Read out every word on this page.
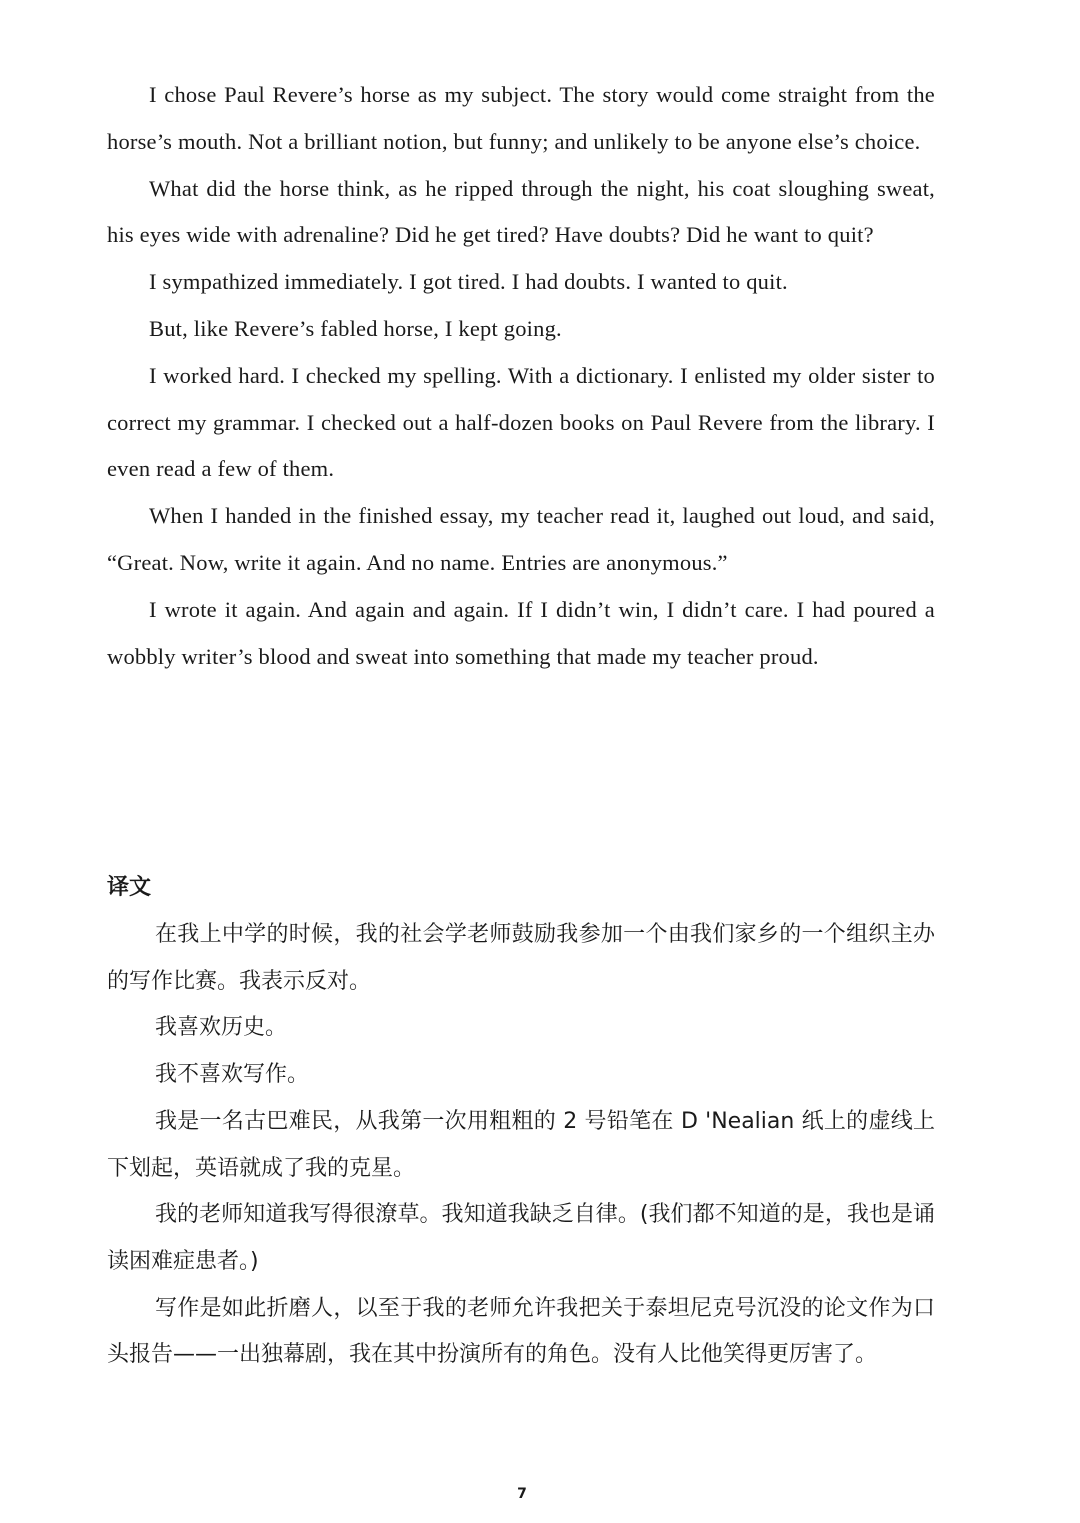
I chose Paul Revere’s horse as my subject. The story would come straight from the horse’s mouth. Not a brilliant notion, but funny; and unlikely to be anyone else’s choice.

What did the horse think, as he ripped through the night, his coat sloughing sweat, his eyes wide with adrenaline? Did he get tired? Have doubts? Did he want to quit?

I sympathized immediately. I got tired. I had doubts. I wanted to quit.

But, like Revere’s fabled horse, I kept going.

I worked hard. I checked my spelling. With a dictionary. I enlisted my older sister to correct my grammar. I checked out a half-dozen books on Paul Revere from the library. I even read a few of them.

When I handed in the finished essay, my teacher read it, laughed out loud, and said, “Great. Now, write it again. And no name. Entries are anonymous.”

I wrote it again. And again and again. If I didn’t win, I didn’t care. I had poured a wobbly writer’s blood and sweat into something that made my teacher proud.

译文

在我上中学的时候，我的社会学老师鼓励我参加一个由我们家乡的一个组织主办的写作比赛。我表示反对。

我喜欢历史。

我不喜欢写作。

我是一名古巴难民，从我第一次用粗粗的 2 号铅笔在 D 'Nealian 纸上的虚线上下划起，英语就成了我的克星。

我的老师知道我写得很潦草。我知道我缺乏自律。(我们都不知道的是，我也是诵读困难症患者。)

写作是如此折磨人，以至于我的老师允许我把关于泰坦尼克号沉没的论文作为口头报告——一出独幕剧，我在其中扮演所有的角色。没有人比他笑得更厉害了。

7
